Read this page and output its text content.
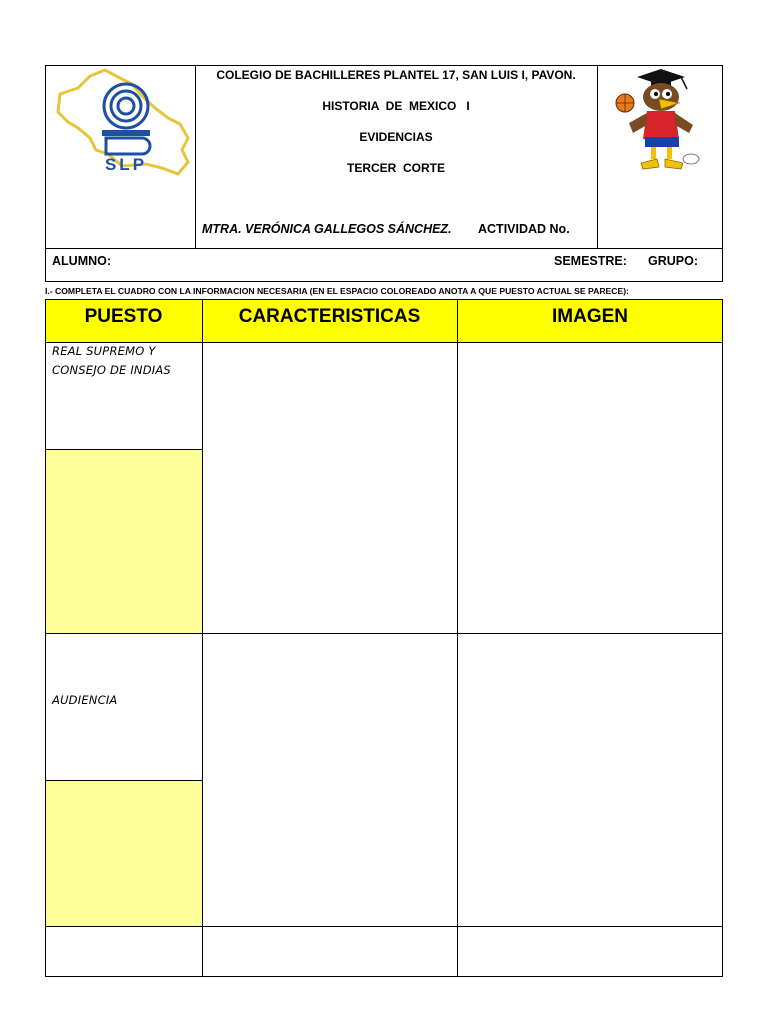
SLP
COLEGIO DE BACHILLERES PLANTEL 17, SAN LUIS I, PAVON.
HISTORIA  DE  MEXICO   I
EVIDENCIAS
TERCER  CORTE
MTRA. VERÓNICA GALLEGOS SÁNCHEZ. ACTIVIDAD No.
ALUMNO:	SEMESTRE: GRUPO:
I.- COMPLETA EL CUADRO CON LA INFORMACION NECESARIA (EN EL ESPACIO COLOREADO ANOTA A QUE PUESTO ACTUAL SE PARECE):
PUESTO	CARACTERISTICAS	IMAGEN
REAL SUPREMO Y
CONSEJO DE INDIAS
AUDIENCIA
